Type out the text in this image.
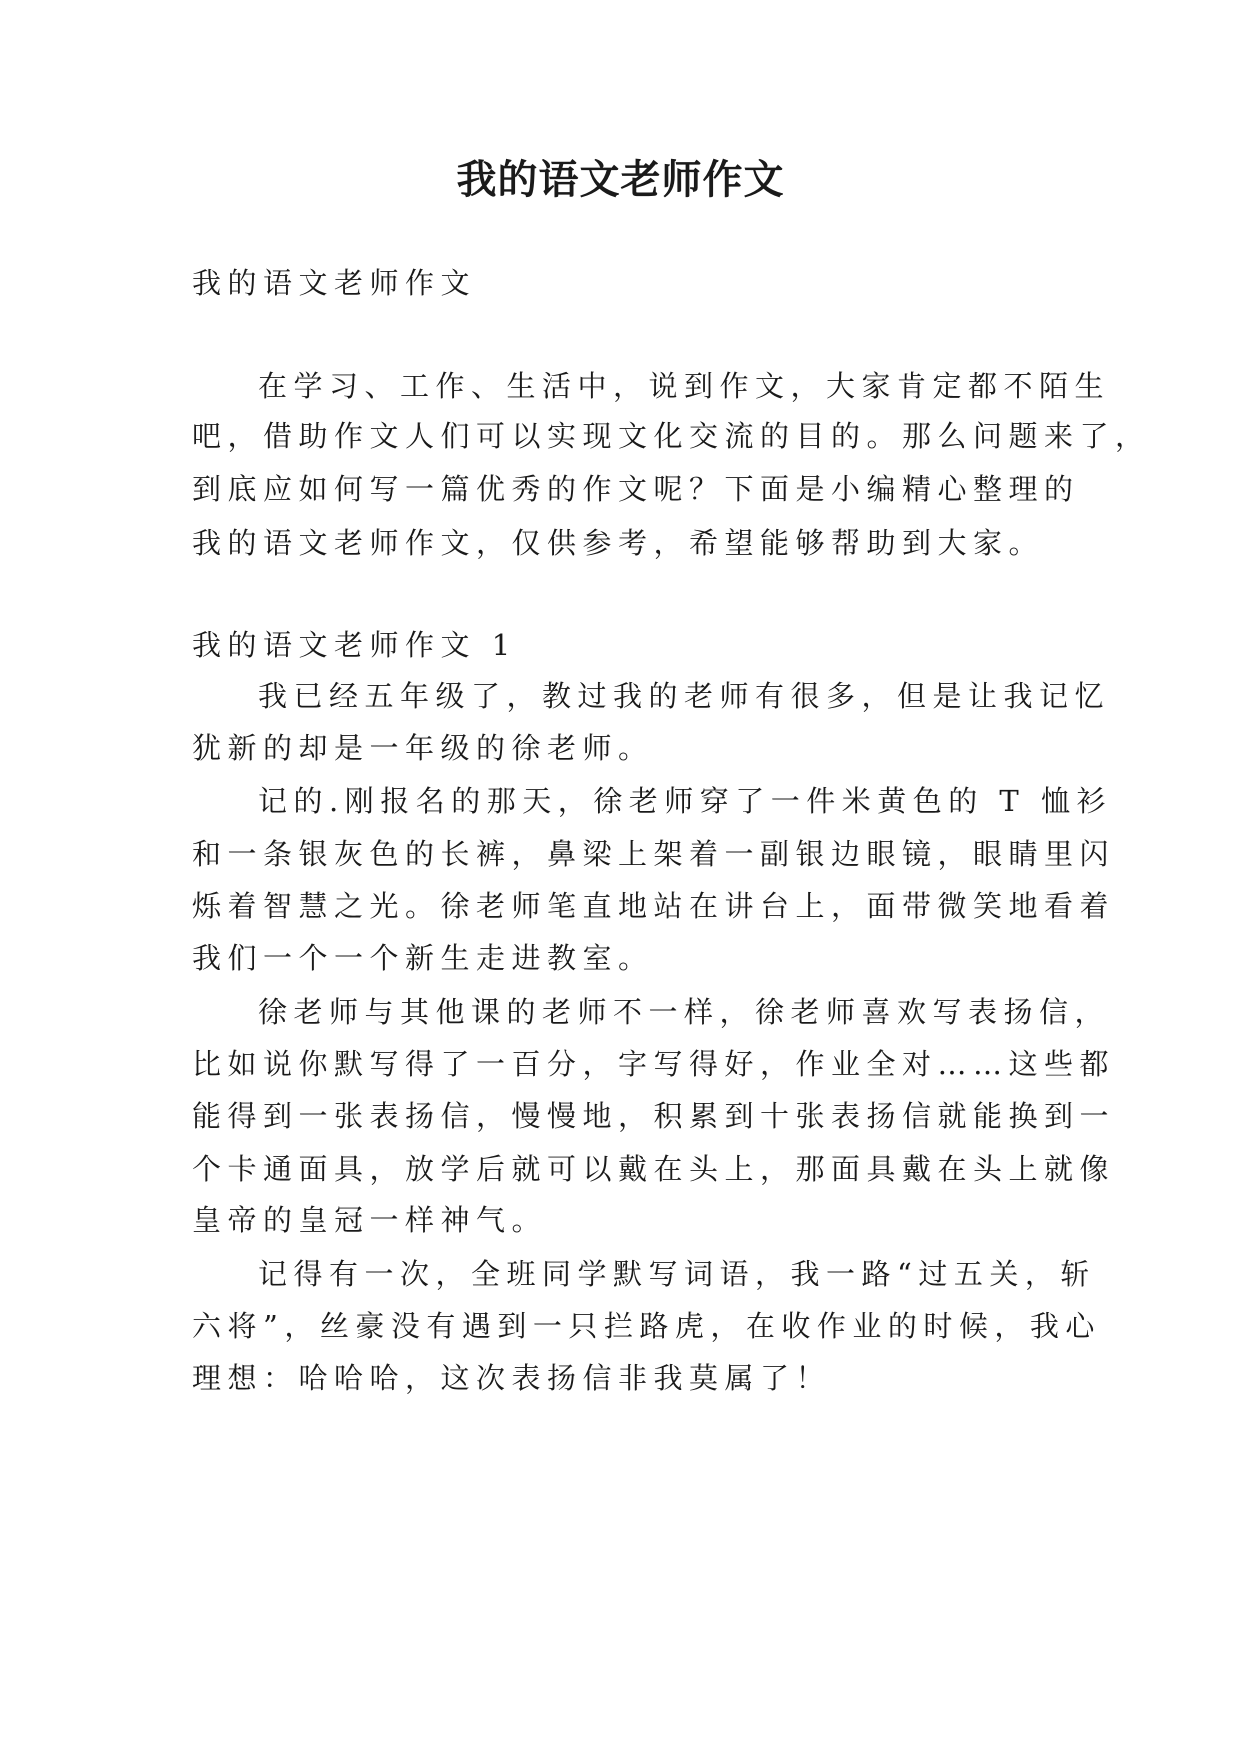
我的语文老师作文

我的语文老师作文

在学习、工作、生活中，说到作文，大家肯定都不陌生

吧，借助作文人们可以实现文化交流的目的。那么问题来了，

到底应如何写一篇优秀的作文呢？下面是小编精心整理的

我的语文老师作文，仅供参考，希望能够帮助到大家。

我的语文老师作文 1

我已经五年级了，教过我的老师有很多，但是让我记忆

犹新的却是一年级的徐老师。

记的.刚报名的那天，徐老师穿了一件米黄色的 T 恤衫

和一条银灰色的长裤，鼻梁上架着一副银边眼镜，眼睛里闪

烁着智慧之光。徐老师笔直地站在讲台上，面带微笑地看着

我们一个一个新生走进教室。

徐老师与其他课的老师不一样，徐老师喜欢写表扬信，

比如说你默写得了一百分，字写得好，作业全对……这些都

能得到一张表扬信，慢慢地，积累到十张表扬信就能换到一

个卡通面具，放学后就可以戴在头上，那面具戴在头上就像

皇帝的皇冠一样神气。

记得有一次，全班同学默写词语，我一路“过五关，斩

六将”，丝豪没有遇到一只拦路虎，在收作业的时候，我心

理想：哈哈哈，这次表扬信非我莫属了！
